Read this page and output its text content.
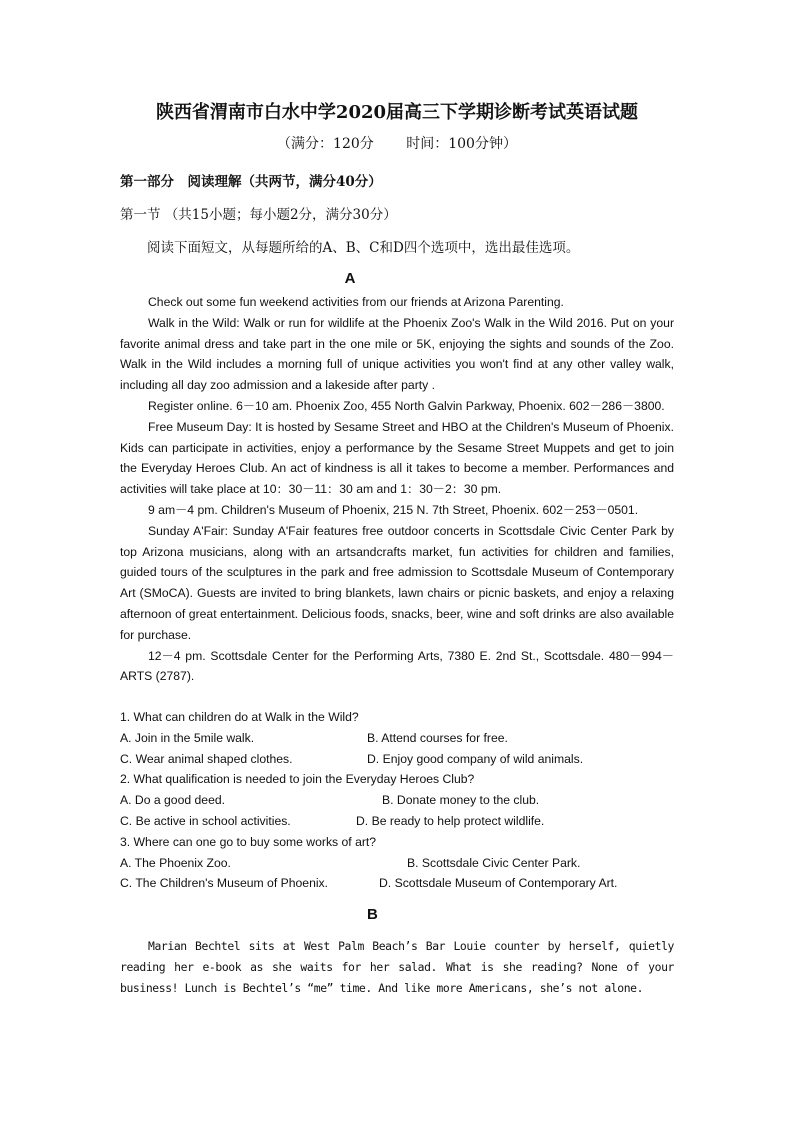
陕西省渭南市白水中学2020届高三下学期诊断考试英语试题
（满分：120分 时间：100分钟）
第一部分　阅读理解（共两节，满分40分）
第一节 （共15小题；每小题2分，满分30分）
阅读下面短文，从每题所给的A、B、C和D四个选项中，选出最佳选项。
A

Check out some fun weekend activities from our friends at Arizona Parenting.

Walk in the Wild: Walk or run for wildlife at the Phoenix Zoo's Walk in the Wild 2016. Put on your favorite animal dress and take part in the one mile or 5K, enjoying the sights and sounds of the Zoo. Walk in the Wild includes a morning full of unique activities you won't find at any other valley walk, including all day zoo admission and a lakeside after party .

Register online. 6－10 am. Phoenix Zoo, 455 North Galvin Parkway, Phoenix. 602－286－3800.

Free Museum Day: It is hosted by Sesame Street and HBO at the Children's Museum of Phoenix.　Kids can participate in activities, enjoy a performance by the Sesame Street Muppets and get to join the Everyday Heroes Club. An act of kindness is all it takes to become a member. Performances and activities will take place at 10：30－11：30 am and 1：30－2：30 pm.

9 am－4 pm. Children's Museum of Phoenix, 215 N. 7th Street, Phoenix. 602－253－0501.

Sunday A'Fair: Sunday A'Fair features free outdoor concerts in Scottsdale Civic Center Park by top Arizona musicians, along with an artsandcrafts market, fun activities for children and families, guided tours of the sculptures in the park and free admission to Scottsdale Museum of Contemporary Art (SMoCA). Guests are invited to bring blankets, lawn chairs or picnic baskets, and enjoy a relaxing afternoon of great entertainment. Delicious foods, snacks, beer, wine and soft drinks are also available for purchase.

12－4 pm. Scottsdale Center for the Performing Arts, 7380 E. 2nd St., Scottsdale. 480－994－ARTS (2787).

1. What can children do at Walk in the Wild?
A. Join in the 5mile walk.	B. Attend courses for free.
C. Wear animal shaped clothes.	D. Enjoy good company of wild animals.
2. What qualification is needed to join the Everyday Heroes Club?
A. Do a good deed.	B. Donate money to the club.
C. Be active in school activities.	D. Be ready to help protect wildlife.
3. Where can one go to buy some works of art?
A. The Phoenix Zoo.	B. Scottsdale Civic Center Park.
C. The Children's Museum of Phoenix.	D. Scottsdale Museum of Contemporary Art.
B

Marian Bechtel sits at West Palm Beach’s Bar Louie counter by herself, quietly reading her e-book as she waits for her salad. What is she reading? None of your business! Lunch is Bechtel’s “me” time. And like more Americans, she’s not alone.
